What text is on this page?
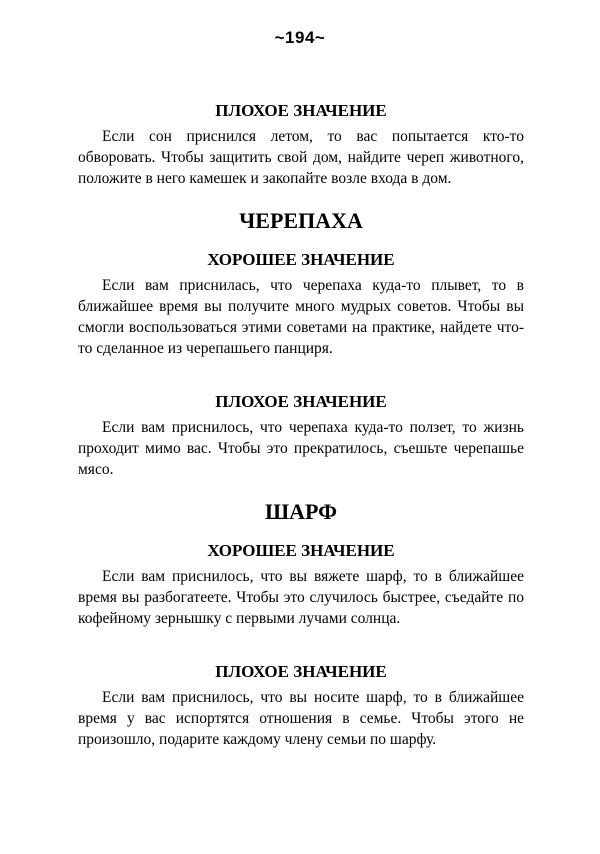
~194~
ПЛОХОЕ ЗНАЧЕНИЕ

Если сон приснился летом, то вас попытается кто-то обворовать. Чтобы защитить свой дом, найдите череп животного, положите в него камешек и закопайте возле входа в дом.

ЧЕРЕПАХА
ХОРОШЕЕ ЗНАЧЕНИЕ

Если вам приснилась, что черепаха куда-то плывет, то в ближайшее время вы получите много мудрых советов. Чтобы вы смогли воспользоваться этими советами на практике, найдете что-то сделанное из черепашьего панциря.

ПЛОХОЕ ЗНАЧЕНИЕ

Если вам приснилось, что черепаха куда-то ползет, то жизнь проходит мимо вас. Чтобы это прекратилось, съешьте черепашье мясо.

ШАРФ
ХОРОШЕЕ ЗНАЧЕНИЕ

Если вам приснилось, что вы вяжете шарф, то в ближайшее время вы разбогатеете. Чтобы это случилось быстрее, съедайте по кофейному зернышку с первыми лучами солнца.

ПЛОХОЕ ЗНАЧЕНИЕ

Если вам приснилось, что вы носите шарф, то в ближайшее время у вас испортятся отношения в семье. Чтобы этого не произошло, подарите каждому члену семьи по шарфу.
